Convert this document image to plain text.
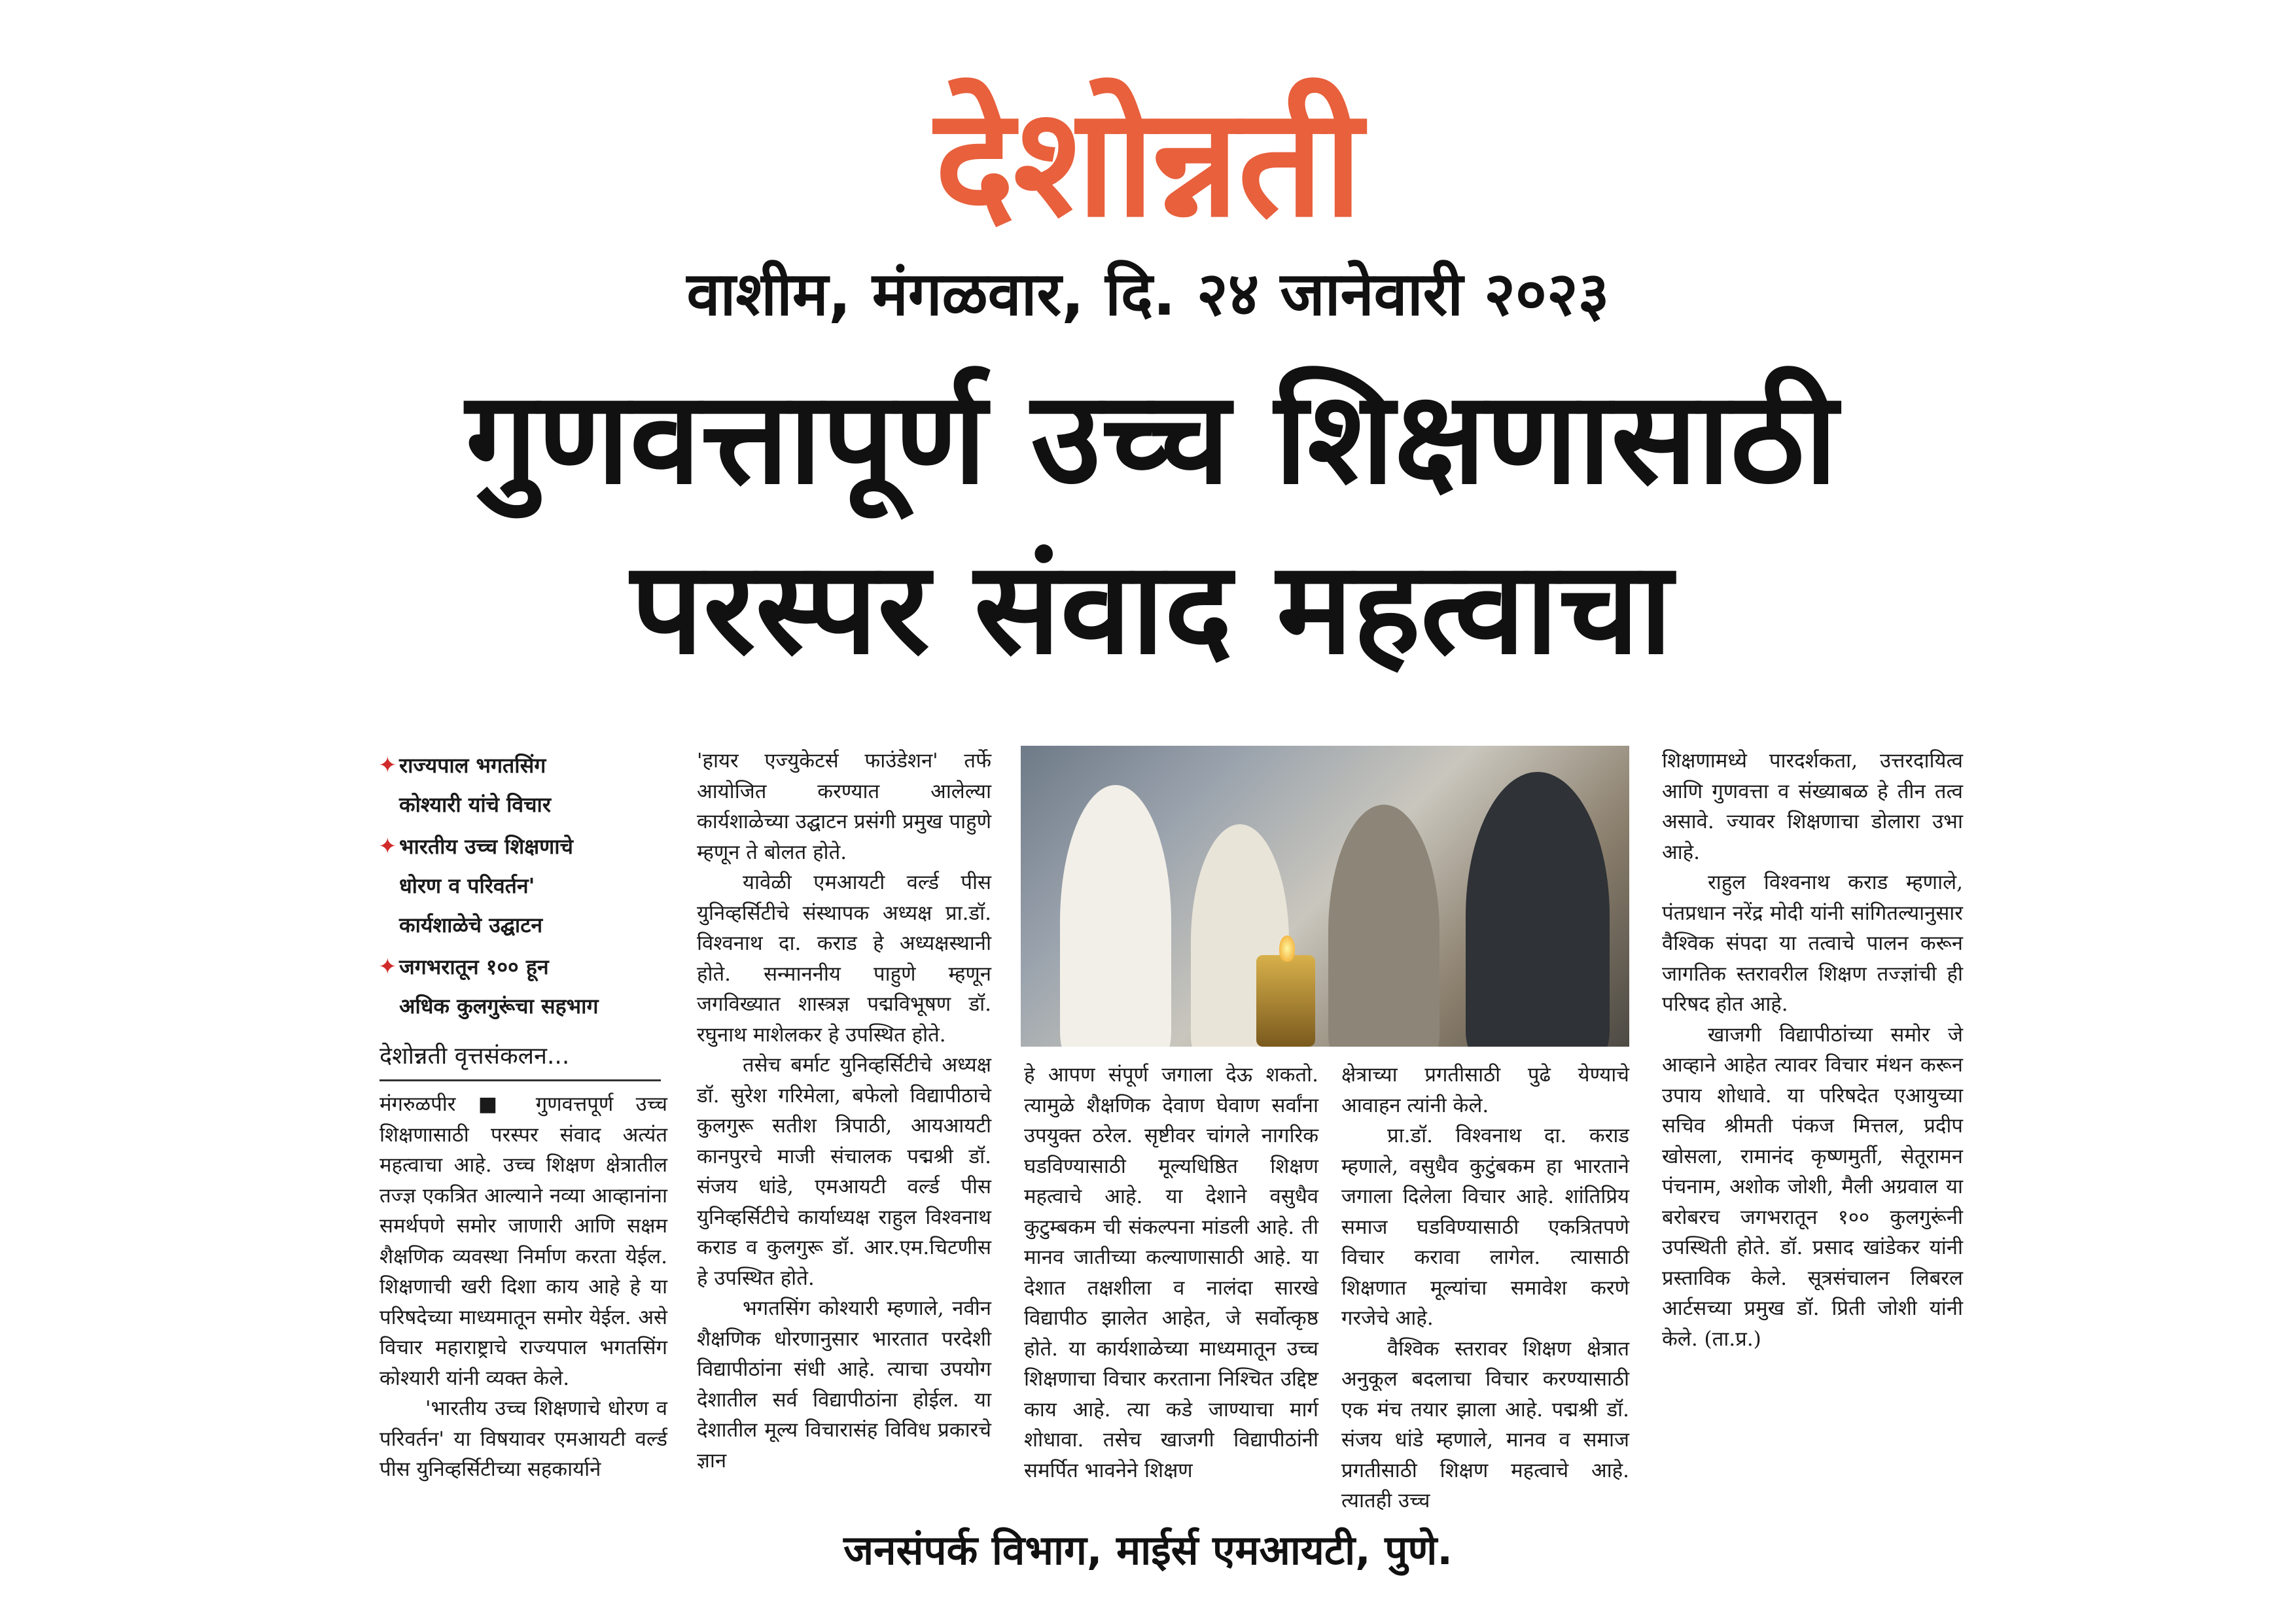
देशोन्नती
वाशीम, मंगळवार, दि. २४ जानेवारी २०२३
गुणवत्तापूर्ण उच्च शिक्षणासाठी
परस्पर संवाद महत्वाचा
✦ राज्यपाल भगतसिंग
कोश्यारी यांचे विचार
✦ भारतीय उच्च शिक्षणाचे
धोरण व परिवर्तन'
कार्यशाळेचे उद्घाटन
✦ जगभरातून १०० हून
अधिक कुलगुरूंचा सहभाग
देशोन्नती वृत्तसंकलन...

मंगरुळपीर ■ गुणवत्तपूर्ण उच्च शिक्षणासाठी परस्पर संवाद अत्यंत महत्वाचा आहे. उच्च शिक्षण क्षेत्रातील तज्ज्ञ एकत्रित आल्याने नव्या आव्हानांना समर्थपणे समोर जाणारी आणि सक्षम शैक्षणिक व्यवस्था निर्माण करता येईल. शिक्षणाची खरी दिशा काय आहे हे या परिषदेच्या माध्यमातून समोर येईल. असे विचार महाराष्ट्राचे राज्यपाल भगतसिंग कोश्यारी यांनी व्यक्त केले.

'भारतीय उच्च शिक्षणाचे धोरण व परिवर्तन' या विषयावर एमआयटी वर्ल्ड पीस युनिव्हर्सिटीच्या सहकार्याने

'हायर एज्युकेटर्स फाउंडेशन' तर्फे आयोजित करण्यात आलेल्या कार्यशाळेच्या उद्घाटन प्रसंगी प्रमुख पाहुणे म्हणून ते बोलत होते.

यावेळी एमआयटी वर्ल्ड पीस युनिव्हर्सिटीचे संस्थापक अध्यक्ष प्रा.डॉ. विश्वनाथ दा. कराड हे अध्यक्षस्थानी होते. सन्माननीय पाहुणे म्हणून जगविख्यात शास्त्रज्ञ पद्मविभूषण डॉ. रघुनाथ माशेलकर हे उपस्थित होते.

तसेच बर्माट युनिव्हर्सिटीचे अध्यक्ष डॉ. सुरेश गरिमेला, बफेलो विद्यापीठाचे कुलगुरू सतीश त्रिपाठी, आयआयटी कानपुरचे माजी संचालक पद्मश्री डॉ. संजय धांडे, एमआयटी वर्ल्ड पीस युनिव्हर्सिटीचे कार्याध्यक्ष राहुल विश्वनाथ कराड व कुलगुरू डॉ. आर.एम.चिटणीस हे उपस्थित होते.

भगतसिंग कोश्यारी म्हणाले, नवीन शैक्षणिक धोरणानुसार भारतात परदेशी विद्यापीठांना संधी आहे. त्याचा उपयोग देशातील सर्व विद्यापीठांना होईल. या देशातील मूल्य विचारासंह विविध प्रकारचे ज्ञान

हे आपण संपूर्ण जगाला देऊ शकतो. त्यामुळे शैक्षणिक देवाण घेवाण सर्वांना उपयुक्त ठरेल. सृष्टीवर चांगले नागरिक घडविण्यासाठी मूल्यधिष्ठित शिक्षण महत्वाचे आहे. या देशाने वसुधैव कुटुम्बकम ची संकल्पना मांडली आहे. ती मानव जातीच्या कल्याणासाठी आहे. या देशात तक्षशीला व नालंदा सारखे विद्यापीठ झालेत आहेत, जे सर्वोत्कृष्ठ होते. या कार्यशाळेच्या माध्यमातून उच्च शिक्षणाचा विचार करताना निश्चित उद्दिष्ट काय आहे. त्या कडे जाण्याचा मार्ग शोधावा. तसेच खाजगी विद्यापीठांनी समर्पित भावनेने शिक्षण

क्षेत्राच्या प्रगतीसाठी पुढे येण्याचे आवाहन त्यांनी केले.

प्रा.डॉ. विश्वनाथ दा. कराड म्हणाले, वसुधैव कुटुंबकम हा भारताने जगाला दिलेला विचार आहे. शांतिप्रिय समाज घडविण्यासाठी एकत्रितपणे विचार करावा लागेल. त्यासाठी शिक्षणात मूल्यांचा समावेश करणे गरजेचे आहे.

वैश्विक स्तरावर शिक्षण क्षेत्रात अनुकूल बदलाचा विचार करण्यासाठी एक मंच तयार झाला आहे. पद्मश्री डॉ. संजय धांडे म्हणाले, मानव व समाज प्रगतीसाठी शिक्षण महत्वाचे आहे. त्यातही उच्च

शिक्षणामध्ये पारदर्शकता, उत्तरदायित्व आणि गुणवत्ता व संख्याबळ हे तीन तत्व असावे. ज्यावर शिक्षणाचा डोलारा उभा आहे.

राहुल विश्वनाथ कराड म्हणाले, पंतप्रधान नरेंद्र मोदी यांनी सांगितल्यानुसार वैश्विक संपदा या तत्वाचे पालन करून जागतिक स्तरावरील शिक्षण तज्ज्ञांची ही परिषद होत आहे.

खाजगी विद्यापीठांच्या समोर जे आव्हाने आहेत त्यावर विचार मंथन करून उपाय शोधावे. या परिषदेत एआयुच्या सचिव श्रीमती पंकज मित्तल, प्रदीप खोसला, रामानंद कृष्णमुर्ती, सेतूरामन पंचनाम, अशोक जोशी, मैली अग्रवाल या बरोबरच जगभरातून १०० कुलगुरूंनी उपस्थिती होते. डॉ. प्रसाद खांडेकर यांनी प्रस्ताविक केले. सूत्रसंचालन लिबरल आर्टसच्या प्रमुख डॉ. प्रिती जोशी यांनी केले. (ता.प्र.)

जनसंपर्क विभाग, माईर्स एमआयटी, पुणे.
